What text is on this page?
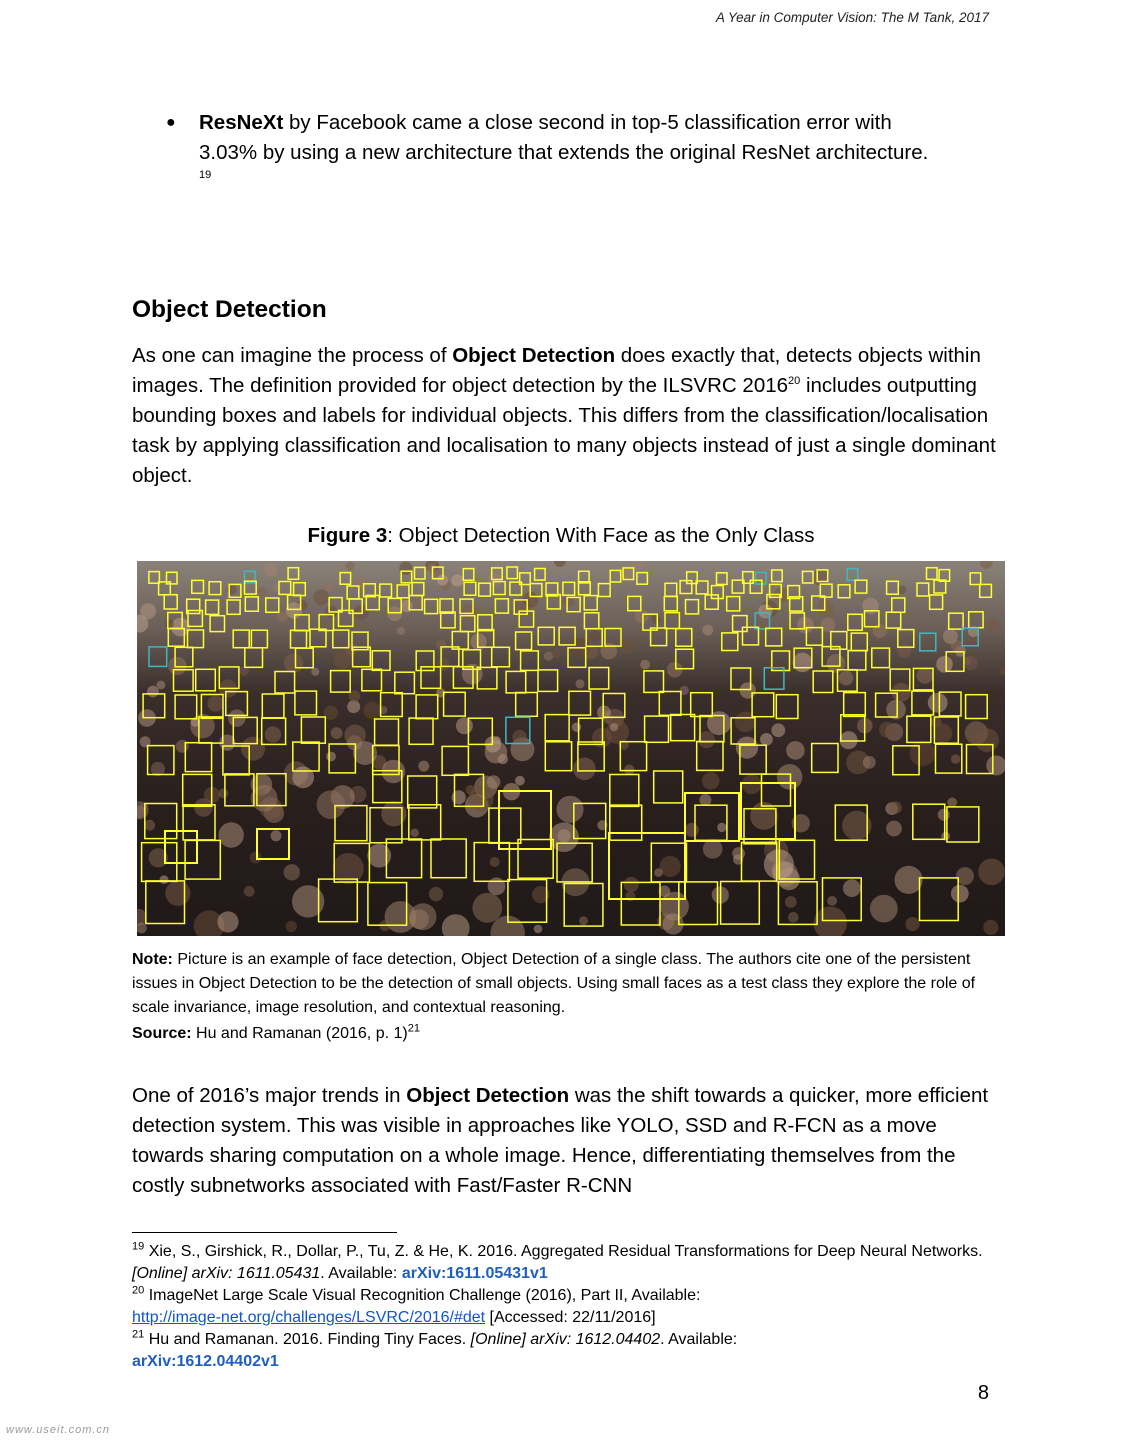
A Year in Computer Vision: The M Tank, 2017
● ResNeXt by Facebook came a close second in top-5 classification error with
3.03% by using a new architecture that extends the original ResNet architecture.
19
Object Detection
As one can imagine the process of Object Detection does exactly that, detects objects within images. The definition provided for object detection by the ILSVRC 2016$^{20}$ includes outputting bounding boxes and labels for individual objects. This differs from the classification/localisation task by applying classification and localisation to many objects instead of just a single dominant object.
Figure 3: Object Detection With Face as the Only Class
Note: Picture is an example of face detection, Object Detection of a single class. The authors cite one of the persistent issues in Object Detection to be the detection of small objects. Using small faces as a test class they explore the role of scale invariance, image resolution, and contextual reasoning.
Source: Hu and Ramanan (2016, p. 1)$^{21}$
One of 2016’s major trends in Object Detection was the shift towards a quicker, more efficient detection system. This was visible in approaches like YOLO, SSD and R-FCN as a move towards sharing computation on a whole image. Hence, differentiating themselves from the costly subnetworks associated with Fast/Faster R-CNN
$^{19}$ Xie, S., Girshick, R., Dollar, P., Tu, Z. & He, K. 2016. Aggregated Residual Transformations for Deep Neural Networks. [Online] arXiv: 1611.05431. Available: arXiv:1611.05431v1
$^{20}$ ImageNet Large Scale Visual Recognition Challenge (2016), Part II, Available:
http://image-net.org/challenges/LSVRC/2016/#det [Accessed: 22/11/2016]
$^{21}$ Hu and Ramanan. 2016. Finding Tiny Faces. [Online] arXiv: 1612.04402. Available:
arXiv:1612.04402v1
8
www.useit.com.cn
